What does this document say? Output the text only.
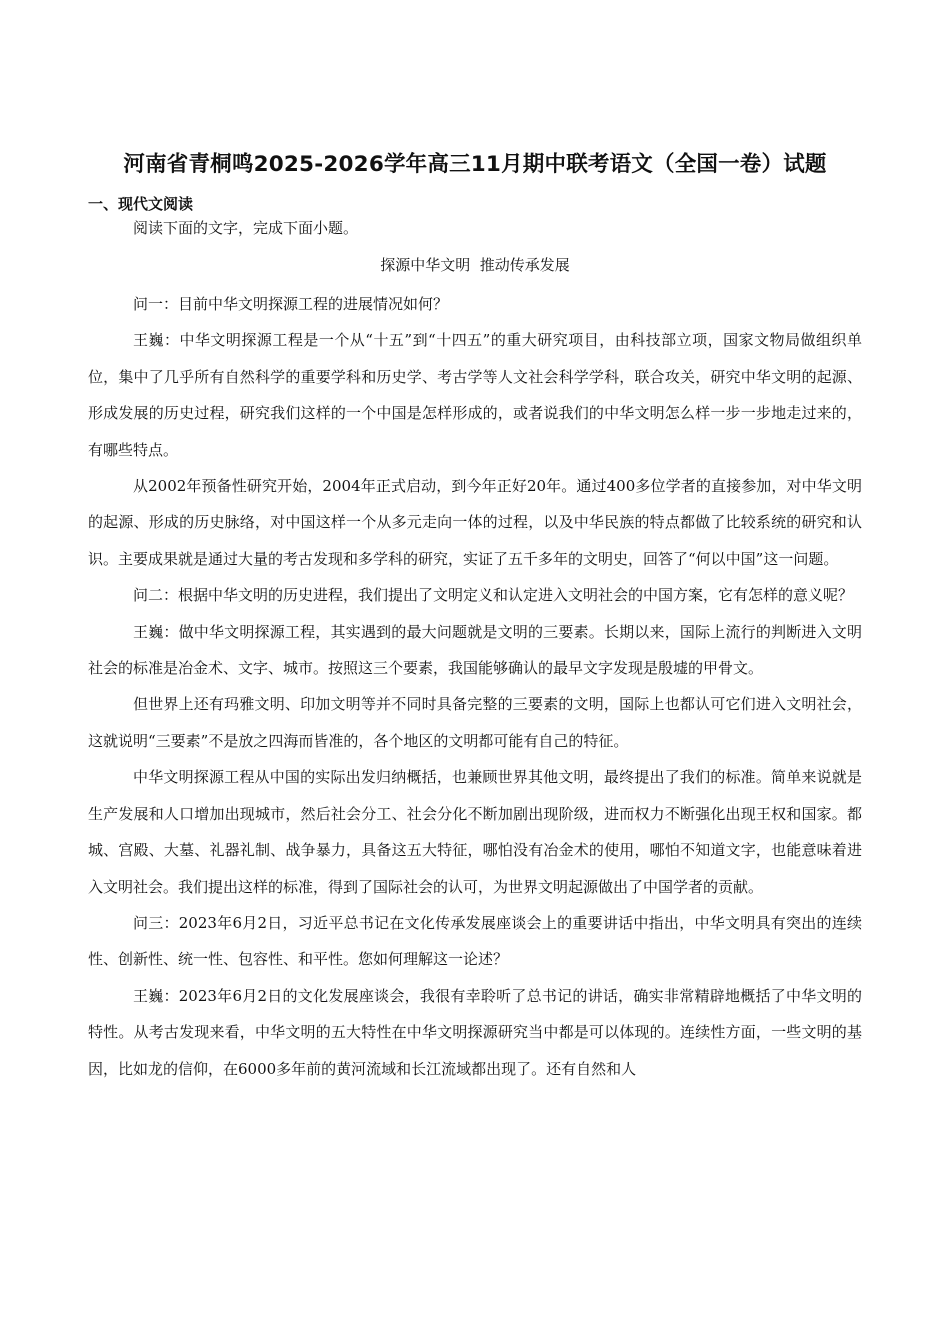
河南省青桐鸣2025-2026学年高三11月期中联考语文（全国一卷）试题
一、现代文阅读
阅读下面的文字，完成下面小题。
探源中华文明  推动传承发展

问一：目前中华文明探源工程的进展情况如何？

王巍：中华文明探源工程是一个从“十五”到“十四五”的重大研究项目，由科技部立项，国家文物局做组织单位，集中了几乎所有自然科学的重要学科和历史学、考古学等人文社会科学学科，联合攻关，研究中华文明的起源、形成发展的历史过程，研究我们这样的一个中国是怎样形成的，或者说我们的中华文明怎么样一步一步地走过来的，有哪些特点。

从2002年预备性研究开始，2004年正式启动，到今年正好20年。通过400多位学者的直接参加，对中华文明的起源、形成的历史脉络，对中国这样一个从多元走向一体的过程，以及中华民族的特点都做了比较系统的研究和认识。主要成果就是通过大量的考古发现和多学科的研究，实证了五千多年的文明史，回答了“何以中国”这一问题。

问二：根据中华文明的历史进程，我们提出了文明定义和认定进入文明社会的中国方案，它有怎样的意义呢？

王巍：做中华文明探源工程，其实遇到的最大问题就是文明的三要素。长期以来，国际上流行的判断进入文明社会的标准是冶金术、文字、城市。按照这三个要素，我国能够确认的最早文字发现是殷墟的甲骨文。

但世界上还有玛雅文明、印加文明等并不同时具备完整的三要素的文明，国际上也都认可它们进入文明社会，这就说明“三要素”不是放之四海而皆准的，各个地区的文明都可能有自己的特征。

中华文明探源工程从中国的实际出发归纳概括，也兼顾世界其他文明，最终提出了我们的标准。简单来说就是生产发展和人口增加出现城市，然后社会分工、社会分化不断加剧出现阶级，进而权力不断强化出现王权和国家。都城、宫殿、大墓、礼器礼制、战争暴力，具备这五大特征，哪怕没有冶金术的使用，哪怕不知道文字，也能意味着进入文明社会。我们提出这样的标准，得到了国际社会的认可，为世界文明起源做出了中国学者的贡献。

问三：2023年6月2日，习近平总书记在文化传承发展座谈会上的重要讲话中指出，中华文明具有突出的连续性、创新性、统一性、包容性、和平性。您如何理解这一论述？

王巍：2023年6月2日的文化发展座谈会，我很有幸聆听了总书记的讲话，确实非常精辟地概括了中华文明的特性。从考古发现来看，中华文明的五大特性在中华文明探源研究当中都是可以体现的。连续性方面，一些文明的基因，比如龙的信仰，在6000多年前的黄河流域和长江流域都出现了。还有自然和人
